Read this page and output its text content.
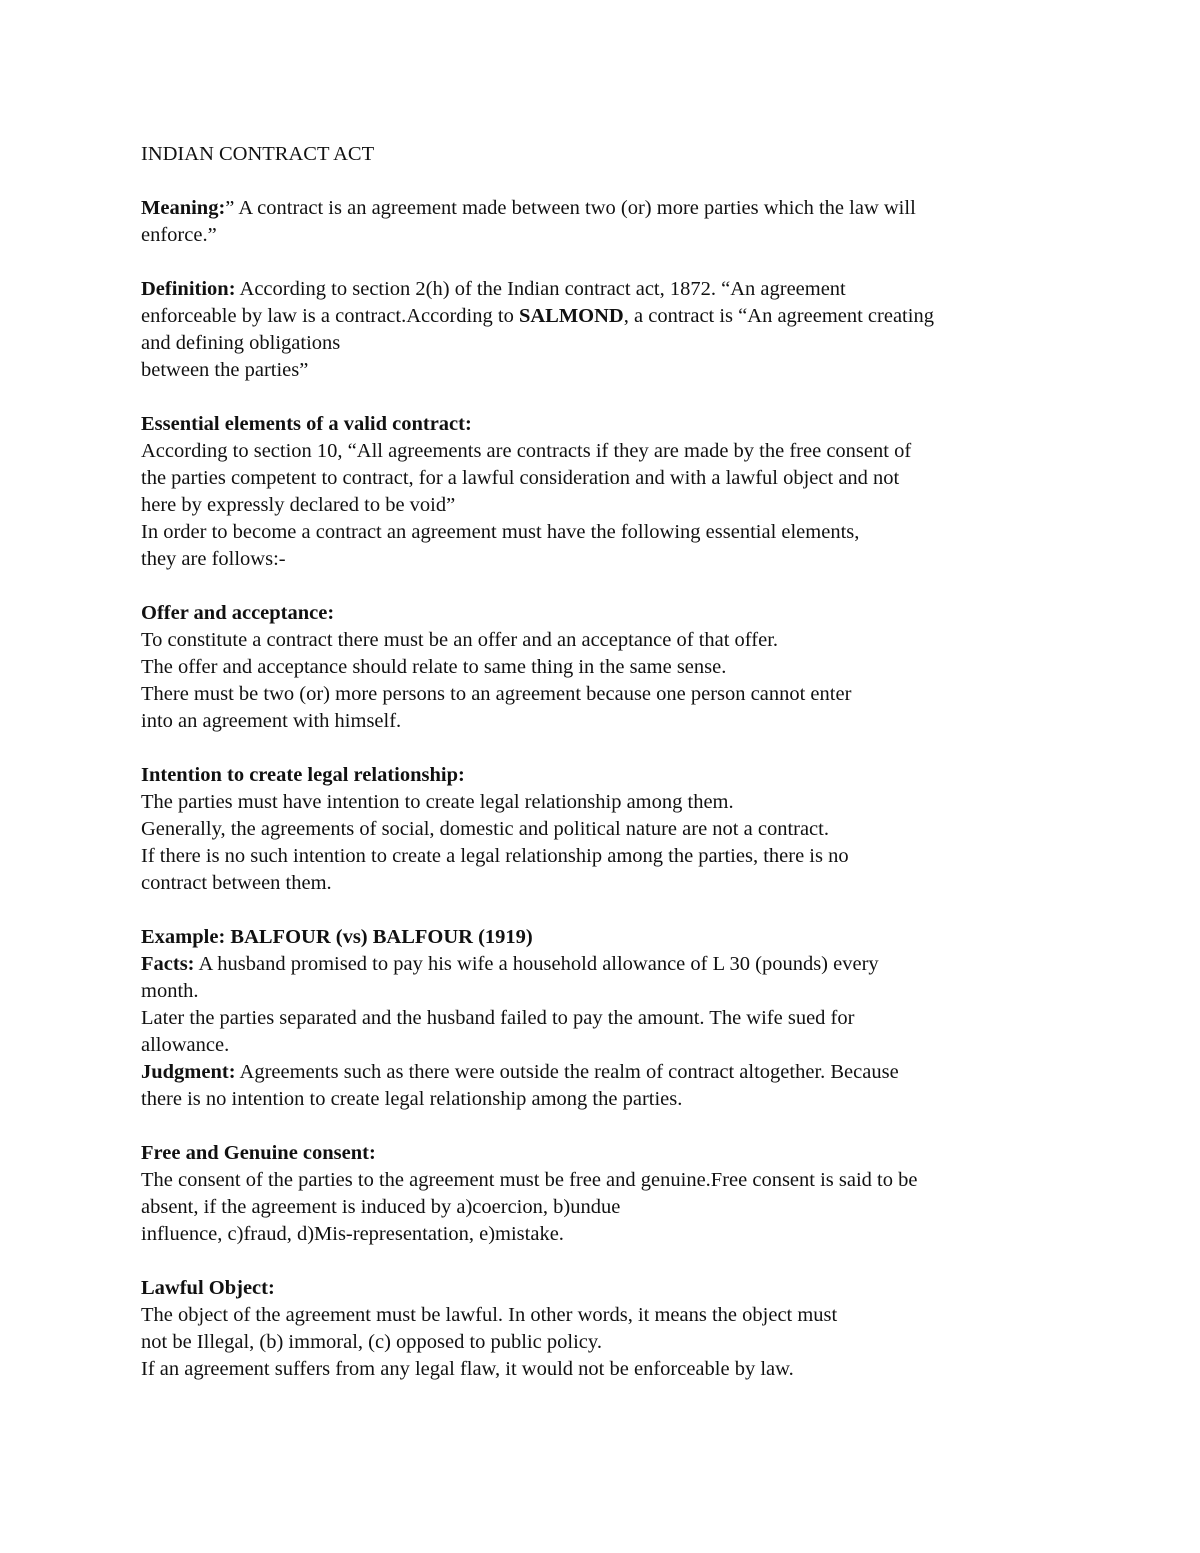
INDIAN CONTRACT ACT
Meaning:” A contract is an agreement made between two (or) more parties which the law will
enforce.”
Definition: According to section 2(h) of the Indian contract act, 1872. “An agreement
enforceable by law is a contract.According to SALMOND, a contract is “An agreement creating
and defining obligations
between the parties”
Essential elements of a valid contract:
According to section 10, “All agreements are contracts if they are made by the free consent of
the parties competent to contract, for a lawful consideration and with a lawful object and not
here by expressly declared to be void”
In order to become a contract an agreement must have the following essential elements,
they are follows:-
Offer and acceptance:
To constitute a contract there must be an offer and an acceptance of that offer.
The offer and acceptance should relate to same thing in the same sense.
There must be two (or) more persons to an agreement because one person cannot enter
into an agreement with himself.
Intention to create legal relationship:
The parties must have intention to create legal relationship among them.
Generally, the agreements of social, domestic and political nature are not a contract.
If there is no such intention to create a legal relationship among the parties, there is no
contract between them.
Example: BALFOUR (vs) BALFOUR (1919)
Facts: A husband promised to pay his wife a household allowance of L 30 (pounds) every
month.
Later the parties separated and the husband failed to pay the amount. The wife sued for
allowance.
Judgment: Agreements such as there were outside the realm of contract altogether. Because
there is no intention to create legal relationship among the parties.
Free and Genuine consent:
The consent of the parties to the agreement must be free and genuine.Free consent is said to be
absent, if the agreement is induced by a)coercion, b)undue
influence, c)fraud, d)Mis-representation, e)mistake.
Lawful Object:
The object of the agreement must be lawful. In other words, it means the object must
not be Illegal, (b) immoral, (c) opposed to public policy.
If an agreement suffers from any legal flaw, it would not be enforceable by law.
